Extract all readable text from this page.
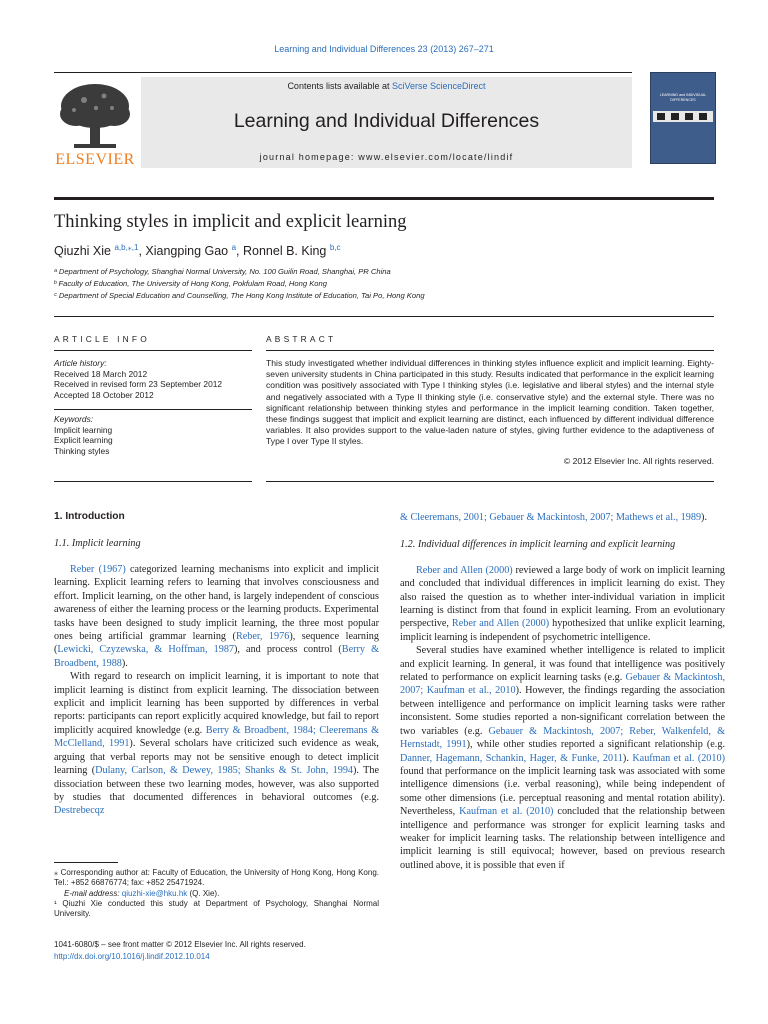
Learning and Individual Differences 23 (2013) 267–271
ELSEVIER
Contents lists available at SciVerse ScienceDirect
Learning and Individual Differences
journal homepage: www.elsevier.com/locate/lindif
LEARNING and INDIVIDUAL DIFFERENCES
Thinking styles in implicit and explicit learning
Qiuzhi Xie $^{a,b,⁎,1}$, Xiangping Gao $^a$, Ronnel B. King $^{b,c}$
ᵃ Department of Psychology, Shanghai Normal University, No. 100 Guilin Road, Shanghai, PR China
ᵇ Faculty of Education, The University of Hong Kong, Pokfulam Road, Hong Kong
ᶜ Department of Special Education and Counselling, The Hong Kong Institute of Education, Tai Po, Hong Kong
ARTICLE INFO
Article history:
Received 18 March 2012
Received in revised form 23 September 2012
Accepted 18 October 2012
Keywords:
Implicit learning
Explicit learning
Thinking styles
ABSTRACT
This study investigated whether individual differences in thinking styles influence explicit and implicit learning. Eighty-seven university students in China participated in this study. Results indicated that performance in the explicit learning condition was positively associated with Type I thinking styles (i.e. legislative and liberal styles) and the internal style and negatively associated with a Type II thinking style (i.e. conservative style) and the external style. There was no significant relationship between thinking styles and performance in the implicit learning condition. Taken together, these findings suggest that implicit and explicit learning are distinct, each influenced by different individual difference variables. It also provides support to the value-laden nature of styles, giving further evidence to the adaptiveness of Type I over Type II styles.
© 2012 Elsevier Inc. All rights reserved.
1. Introduction
1.1. Implicit learning

Reber (1967) categorized learning mechanisms into explicit and implicit learning. Explicit learning refers to learning that involves consciousness and effort. Implicit learning, on the other hand, is largely independent of conscious awareness of either the learning process or the learning products. Experimental tasks have been designed to study implicit learning, the three most popular ones being artificial grammar learning (Reber, 1976), sequence learning (Lewicki, Czyzewska, & Hoffman, 1987), and process control (Berry & Broadbent, 1988).

With regard to research on implicit learning, it is important to note that implicit learning is distinct from explicit learning. The dissociation between explicit and implicit learning has been supported by differences in verbal reports: participants can report explicitly acquired knowledge, but fail to report implicitly acquired knowledge (e.g. Berry & Broadbent, 1984; Cleeremans & McClelland, 1991). Several scholars have criticized such evidence as weak, arguing that verbal reports may not be sensitive enough to detect implicit learning (Dulany, Carlson, & Dewey, 1985; Shanks & St. John, 1994). The dissociation between these two learning modes, however, was also supported by studies that documented differences in behavioral outcomes (e.g. Destrebecqz

& Cleeremans, 2001; Gebauer & Mackintosh, 2007; Mathews et al., 1989).

1.2. Individual differences in implicit learning and explicit learning

Reber and Allen (2000) reviewed a large body of work on implicit learning and concluded that individual differences in implicit learning do exist. They also raised the question as to whether inter-individual variation in implicit learning is distinct from that found in explicit learning. From an evolutionary perspective, Reber and Allen (2000) hypothesized that unlike explicit learning, implicit learning is independent of psychometric intelligence.

Several studies have examined whether intelligence is related to implicit and explicit learning. In general, it was found that intelligence was positively related to performance on explicit learning tasks (e.g. Gebauer & Mackintosh, 2007; Kaufman et al., 2010). However, the findings regarding the association between intelligence and performance on implicit learning tasks were rather inconsistent. Some studies reported a non-significant correlation between the two variables (e.g. Gebauer & Mackintosh, 2007; Reber, Walkenfeld, & Hernstadt, 1991), while other studies reported a significant relationship (e.g. Danner, Hagemann, Schankin, Hager, & Funke, 2011). Kaufman et al. (2010) found that performance on the implicit learning task was associated with some intelligence dimensions (i.e. verbal reasoning), while being independent of some other dimensions (i.e. perceptual reasoning and mental rotation ability). Nevertheless, Kaufman et al. (2010) concluded that the relationship between intelligence and performance was stronger for explicit learning tasks and weaker for implicit learning tasks. The relationship between intelligence and implicit learning is still equivocal; however, based on previous research outlined above, it is possible that even if

⁎ Corresponding author at: Faculty of Education, the University of Hong Kong, Hong Kong. Tel.: +852 66876774; fax: +852 25471924.

E-mail address: qiuzhi-xie@hku.hk (Q. Xie).

¹ Qiuzhi Xie conducted this study at Department of Psychology, Shanghai Normal University.

1041-6080/$ – see front matter © 2012 Elsevier Inc. All rights reserved.
http://dx.doi.org/10.1016/j.lindif.2012.10.014
